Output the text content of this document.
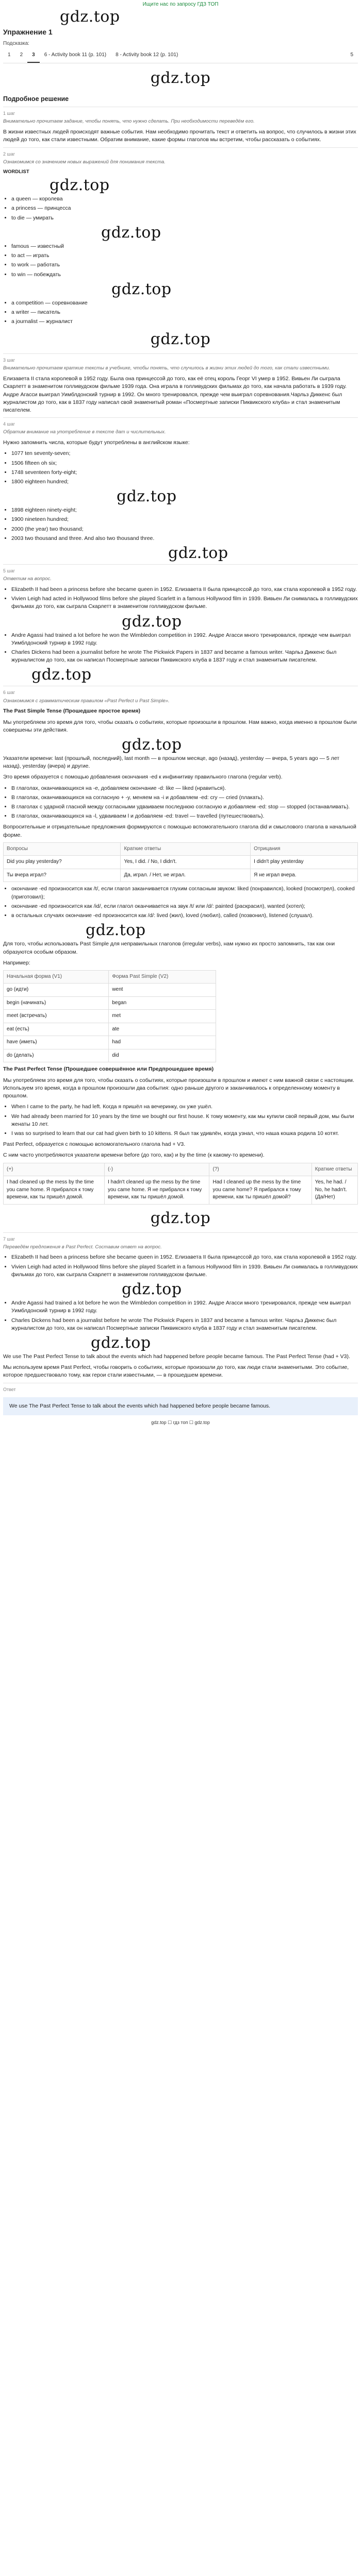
Ищите нас по запросу ГДЗ ТОП
gdz.top
Упражнение 1
Подсказка:
1	2	3	6 - Activity book 11 (р. 101)	8 - Activity book 12 (р. 101)	5
gdz.top
Подробное решение
1 шаг
Внимательно прочитаем задание, чтобы понять, что нужно сделать. При необходимости переведём его.

В жизни известных людей происходят важные события. Нам необходимо прочитать текст и ответить на вопрос, что случилось в жизни этих людей до того, как стали известными. Обратим внимание, какие формы глаголов мы встретим, чтобы рассказать о событиях.

2 шаг
Ознакомимся со значением новых выражений для понимания текста.
WORDLIST
gdz.top
• a queen — королева
• a princess — принцесса
• to die — умирать
gdz.top
• famous — известный
• to act — играть
• to work — работать
• to win — побеждать
gdz.top
• a competition — соревнование
• a writer — писатель
• a journalist — журналист
gdz.top
3 шаг
Внимательно прочитаем краткие тексты в учебнике, чтобы понять, что случилось в жизни этих людей до того, как стали известными.

Елизавета II стала королевой в 1952 году. Была она принцессой до того, как её отец король Георг VI умер в 1952. Вивьен Ли сыграла Скарлетт в знаменитом голливудском фильме 1939 года. Она играла в голливудских фильмах до того, как начала работать в 1939 году. Андре Агасси выиграл Уимблдонский турнир в 1992. Он много тренировался, прежде чем выиграл соревнования.Чарльз Диккенс был журналистом до того, как в 1837 году написал свой знаменитый роман «Посмертные записки Пиквикского клуба» и стал знаменитым писателем.

4 шаг
Обратим внимание на употребление в тексте дат и числительных.

Нужно запомнить числа, которые будут употреблены в английском языке:

• 1077 ten seventy-seven;
• 1506 fifteen oh six;
• 1748 seventeen forty-eight;
• 1800 eighteen hundred;
gdz.top
• 1898 eighteen ninety-eight;
• 1900 nineteen hundred;
• 2000 (the year) two thousand;
• 2003 two thousand and three. And also two thousand three.
gdz.top
5 шаг
Ответим на вопрос.
• Elizabeth II had been a princess before she became queen in 1952. Елизавета II была принцессой до того, как стала королевой в 1952 году.
• Vivien Leigh had acted in Hollywood films before she played Scarlett in a famous Hollywood film in 1939. Вивьен Ли снималась в голливудских фильмах до того, как сыграла Скарлетт в знаменитом голливудском фильме.
gdz.top
• Andre Agassi had trained a lot before he won the Wimbledon competition in 1992. Андре Агасси много тренировался, прежде чем выиграл Уимблдонский турнир в 1992 году.
• Charles Dickens had been a journalist before he wrote The Pickwick Papers in 1837 and became a famous writer. Чарльз Диккенс был журналистом до того, как он написал Посмертные записки Пиквикского клуба в 1837 году и стал знаменитым писателем.
gdz.top
6 шаг
Ознакомимся с грамматическим правилом «Past Perfect и Past Simple».

The Past Simple Tense (Прошедшее простое время)

Мы употребляем это время для того, чтобы сказать о событиях, которые произошли в прошлом. Нам важно, когда именно в прошлом были совершены эти действия.

gdz.top

Указатели времени: last (прошлый, последний), last month — в прошлом месяце, ago (назад), yesterday — вчера, 5 years ago — 5 лет назад), yesterday (вчера) и другие.

Это время образуется с помощью добавления окончания -ed к инфинитиву правильного глагола (regular verb).

• В глаголах, оканчивающихся на -е, добавляем окончание -d: like — liked (нравиться).
• В глаголах, оканчивающихся на согласную + -y, меняем на -i и добавляем -ed: cry — cried (плакать).
• В глаголах с ударной гласной между согласными удваиваем последнюю согласную и добавляем -ed: stop — stopped (останавливать).
• В глаголах, оканчивающихся на -l, удваиваем l и добавляем -ed: travel — travelled (путешествовать).

Вопросительные и отрицательные предложения формируются с помощью вспомогательного глагола did и смыслового глагола в начальной форме.

Вопросы	Краткие ответы	Отрицания
Did you play yesterday?	Yes, I did. / No, I didn't.	I didn't play yesterday
Ты вчера играл?	Да, играл. / Нет, не играл.	Я не играл вчера.
• окончание -ed произносится как /t/, если глагол заканчивается глухим согласным звуком: liked (понравился), looked (посмотрел), cooked (приготовил);
• окончание -ed произносится как /id/, если глагол оканчивается на звук /t/ или /d/: painted (раскрасил), wanted (хотел);
• в остальных случаях окончание -ed произносится как /d/: lived (жил), loved (любил), called (позвонил), listened (слушал).
gdz.top

Для того, чтобы использовать Past Simple для неправильных глаголов (irregular verbs), нам нужно их просто запомнить, так как они образуются особым образом.

Например:

Начальная форма (V1)	Форма Past Simple (V2)
go (идти)	went
begin (начинать)	began
meet (встречать)	met
eat (есть)	ate
have (иметь)	had
do (делать)	did

The Past Perfect Tense (Прошедшее совершённое или Предпрошедшее время)

Мы употребляем это время для того, чтобы сказать о событиях, которые произошли в прошлом и имеют с ним важной связи с настоящим. Используем это время, когда в прошлом произошли два события: одно раньше другого и заканчивалось к определенному моменту в прошлом.

• When I came to the party, he had left. Когда я пришёл на вечеринку, он уже ушёл.
• We had already been married for 10 years by the time we bought our first house. К тому моменту, как мы купили свой первый дом, мы были женаты 10 лет.
• I was so surprised to learn that our cat had given birth to 10 kittens. Я был так удивлён, когда узнал, что наша кошка родила 10 котят.

Past Perfect, образуется с помощью вспомогательного глагола had + V3.

С ним часто употребляются указатели времени before (до того, как) и by the time (к какому-то времени).

(+)	(-)	(?)	Краткие ответы
I had cleaned up the mess by the time you came home. Я прибрался к тому времени, как ты пришёл домой.	I hadn't cleaned up the mess by the time you came home. Я не прибрался к тому времени, как ты пришёл домой.	Had I cleaned up the mess by the time you came home? Я прибрался к тому времени, как ты пришёл домой?	Yes, he had. / No, he hadn't. (Да/Нет)
gdz.top
7 шаг
Переведём предложения в Past Perfect. Составим ответ на вопрос.
• Elizabeth II had been a princess before she became queen in 1952. Елизавета II была принцессой до того, как стала королевой в 1952 году.
• Vivien Leigh had acted in Hollywood films before she played Scarlett in a famous Hollywood film in 1939. Вивьен Ли снималась в голливудских фильмах до того, как сыграла Скарлетт в знаменитом голливудском фильме.
gdz.top
• Andre Agassi had trained a lot before he won the Wimbledon competition in 1992. Андре Агасси много тренировался, прежде чем выиграл Уимблдонский турнир в 1992 году.
• Charles Dickens had been a journalist before he wrote The Pickwick Papers in 1837 and became a famous writer. Чарльз Диккенс был журналистом до того, как он написал Посмертные записки Пиквикского клуба в 1837 году и стал знаменитым писателем.
gdz.top

We use The Past Perfect Tense to talk about the events which had happened before people became famous. The Past Perfect Tense (had + V3).

Мы используем время Past Perfect, чтобы говорить о событиях, которые произошли до того, как люди стали знаменитыми. Это событие, которое предшествовало тому, как герои стали известными, — в прошедшем времени.

Ответ
We use The Past Perfect Tense to talk about the events which had happened before people became famous.
gdz.top ☐ гдз топ ☐ gdz.top
